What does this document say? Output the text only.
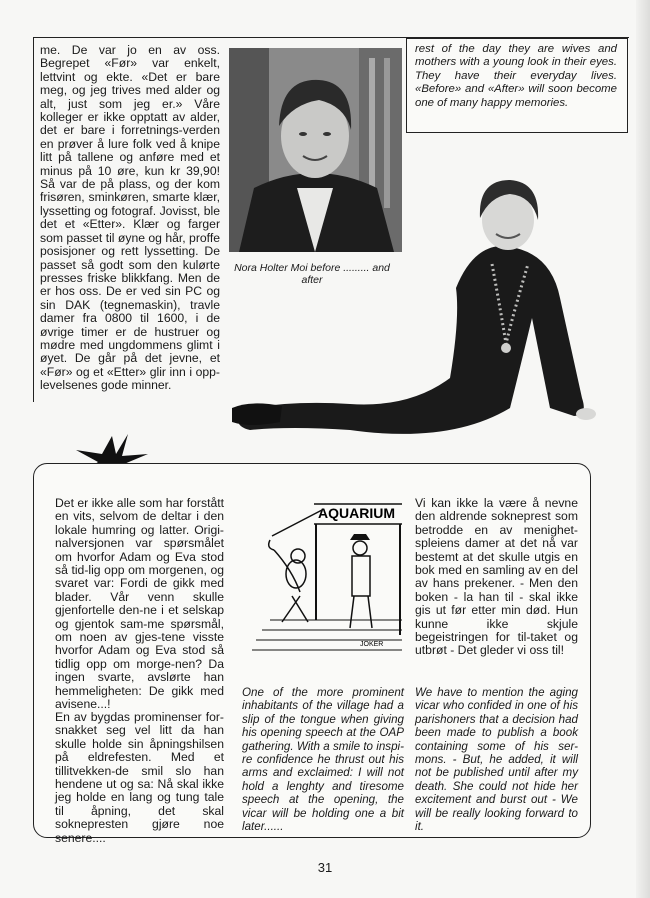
me. De var jo en av oss. Begrepet «Før» var enkelt, lettvint og ekte. «Det er bare meg, og jeg trives med alder og alt, just som jeg er.» Våre kolleger er ikke opptatt av alder, det er bare i forretnings-verden en prøver å lure folk ved å knipe litt på tallene og anføre med et minus på 10 øre, kun kr 39,90! Så var de på plass, og der kom frisøren, sminkøren, smarte klær, lyssetting og fotograf. Jovisst, ble det et «Etter». Klær og farger som passet til øyne og hår, proffe posisjoner og rett lyssetting. De passet så godt som den kulørte presses friske blikkfang. Men de er hos oss. De er ved sin PC og sin DAK (tegnemaskin), travle damer fra 0800 til 1600, i de øvrige timer er de hustruer og mødre med ungdommens glimt i øyet. De går på det jevne, et «Før» og et «Etter» glir inn i opp-levelsenes gode minner.
Nora Holter Moi before ......... and after
rest of the day they are wives and mothers with a young look in their eyes. They have their everyday lives. «Before» and «After» will soon become one of many happy memories.
Det er ikke alle som har forstått en vits, selvom de deltar i den lokale humring og latter. Origi-nalversjonen var spørsmålet om hvorfor Adam og Eva stod så tid-lig opp om morgenen, og svaret var: Fordi de gikk med blader. Vår venn skulle gjenfortelle den-ne i et selskap og gjentok sam-me spørsmål, om noen av gjes-tene visste hvorfor Adam og Eva stod så tidlig opp om morge-nen? Da ingen svarte, avslørte han hemmeligheten: De gikk med avisene...!
En av bygdas prominenser for-snakket seg vel litt da han skulle holde sin åpningshilsen på eldrefesten. Med et tillitvekken-de smil slo han hendene ut og sa: Nå skal ikke jeg holde en lang og tung tale til åpning, det skal soknepresten gjøre noe senere....
AQUARIUM
JOKER
One of the more prominent inhabitants of the village had a slip of the tongue when giving his opening speech at the OAP gathering. With a smile to inspi-re confidence he thrust out his arms and exclaimed: I will not hold a lenghty and tiresome speech at the opening, the vicar will be holding one a bit later......
Vi kan ikke la være å nevne den aldrende sokneprest som betrodde en av menighet-spleiens damer at det nå var bestemt at det skulle utgis en bok med en samling av en del av hans prekener. - Men den boken - la han til - skal ikke gis ut før etter min død. Hun kunne ikke skjule begeistringen for til-taket og utbrøt - Det gleder vi oss til!
We have to mention the aging vicar who confided in one of his parishoners that a decision had been made to publish a book containing some of his ser-mons. - But, he added, it will not be published until after my death. She could not hide her excitement and burst out - We will be really looking forward to it.
31
